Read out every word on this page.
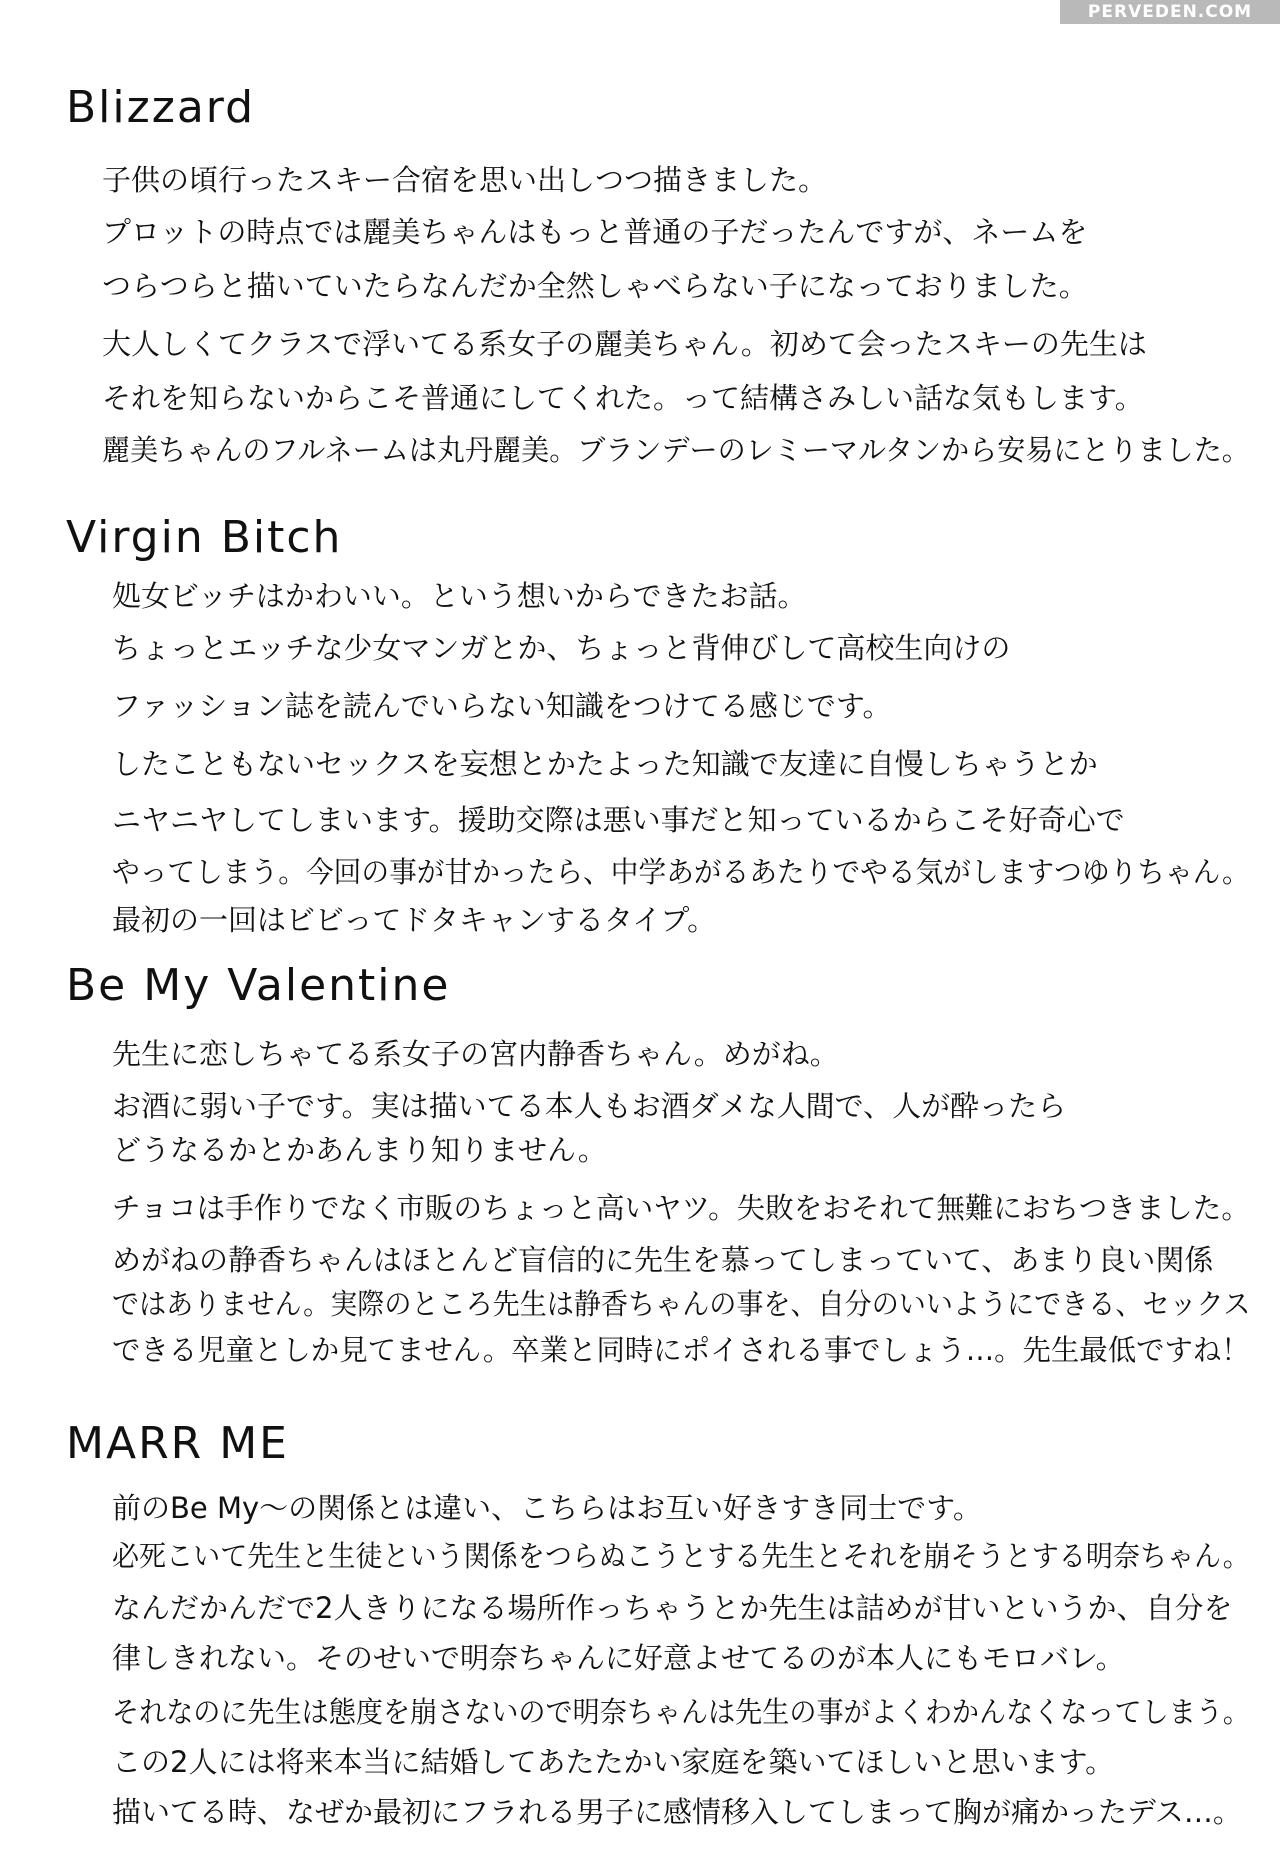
PERVEDEN.COM
Blizzard
子供の頃行ったスキー合宿を思い出しつつ描きました。
プロットの時点では麗美ちゃんはもっと普通の子だったんですが、ネームを
つらつらと描いていたらなんだか全然しゃべらない子になっておりました。
大人しくてクラスで浮いてる系女子の麗美ちゃん。初めて会ったスキーの先生は
それを知らないからこそ普通にしてくれた。って結構さみしい話な気もします。
麗美ちゃんのフルネームは丸丹麗美。ブランデーのレミーマルタンから安易にとりました。
Virgin Bitch
処女ビッチはかわいい。という想いからできたお話。
ちょっとエッチな少女マンガとか、ちょっと背伸びして高校生向けの
ファッション誌を読んでいらない知識をつけてる感じです。
したこともないセックスを妄想とかたよった知識で友達に自慢しちゃうとか
ニヤニヤしてしまいます。援助交際は悪い事だと知っているからこそ好奇心で
やってしまう。今回の事が甘かったら、中学あがるあたりでやる気がしますつゆりちゃん。
最初の一回はビビってドタキャンするタイプ。
Be My Valentine
先生に恋しちゃてる系女子の宮内静香ちゃん。めがね。
お酒に弱い子です。実は描いてる本人もお酒ダメな人間で、人が酔ったら
どうなるかとかあんまり知りません。
チョコは手作りでなく市販のちょっと高いヤツ。失敗をおそれて無難におちつきました。
めがねの静香ちゃんはほとんど盲信的に先生を慕ってしまっていて、あまり良い関係
ではありません。実際のところ先生は静香ちゃんの事を、自分のいいようにできる、セックス
できる児童としか見てません。卒業と同時にポイされる事でしょう…。先生最低ですね！
MARR ME
前のBe My～の関係とは違い、こちらはお互い好きすき同士です。
必死こいて先生と生徒という関係をつらぬこうとする先生とそれを崩そうとする明奈ちゃん。
なんだかんだで2人きりになる場所作っちゃうとか先生は詰めが甘いというか、自分を
律しきれない。そのせいで明奈ちゃんに好意よせてるのが本人にもモロバレ。
それなのに先生は態度を崩さないので明奈ちゃんは先生の事がよくわかんなくなってしまう。
この2人には将来本当に結婚してあたたかい家庭を築いてほしいと思います。
描いてる時、なぜか最初にフラれる男子に感情移入してしまって胸が痛かったデス…。
